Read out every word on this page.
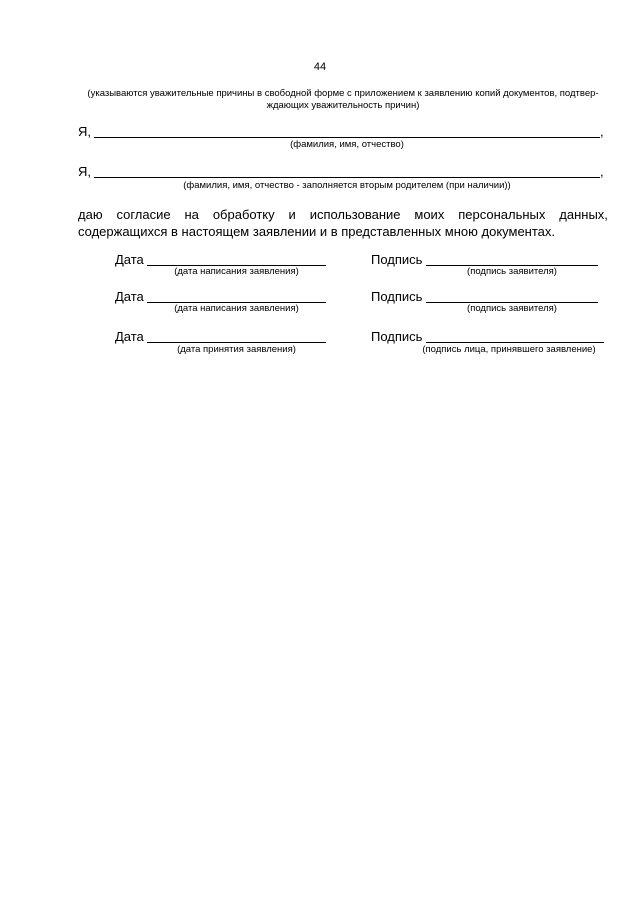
44
(указываются уважительные причины в свободной форме с приложением к заявлению копий документов, подтвер-
ждающих уважительность причин)
Я,	,
(фамилия, имя, отчество)
Я,	,
(фамилия, имя, отчество - заполняется вторым родителем (при наличии))
даю согласие на обработку и использование моих персональных данных,
содержащихся в настоящем заявлении и в представленных мною документах.
Дата
(дата написания заявления)
Подпись
(подпись заявителя)
Дата
(дата написания заявления)
Подпись
(подпись заявителя)
Дата
(дата принятия заявления)
Подпись
(подпись лица, принявшего заявление)
